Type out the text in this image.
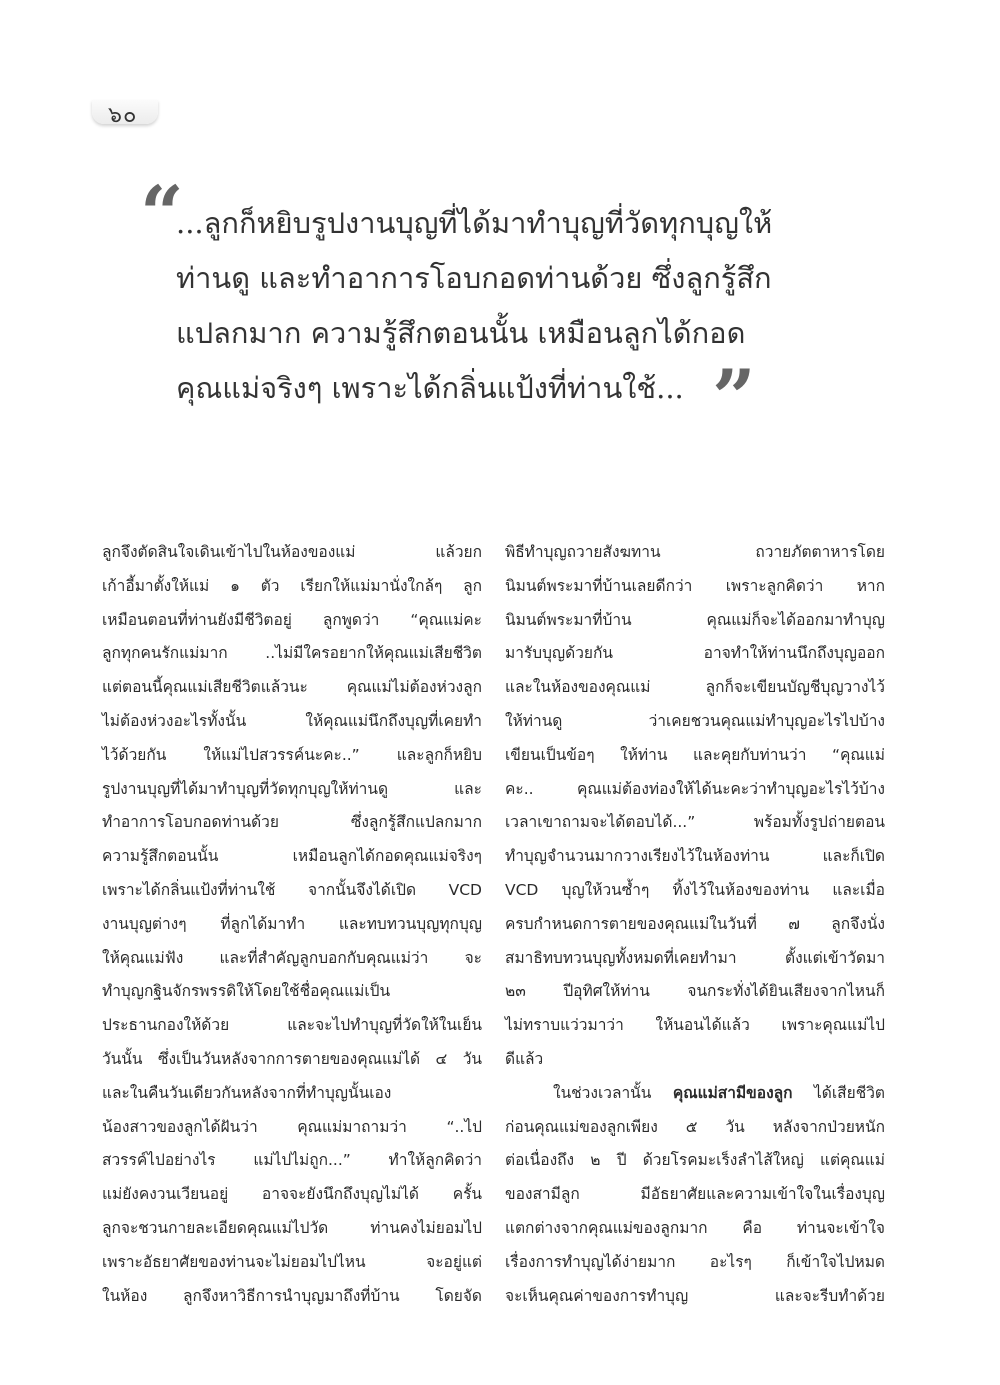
๖๐
“
...ลูกก็หยิบรูปงานบุญที่ได้มาทำบุญที่วัดทุกบุญให้
ท่านดู และทำอาการโอบกอดท่านด้วย ซึ่งลูกรู้สึก
แปลกมาก ความรู้สึกตอนนั้น เหมือนลูกได้กอด
คุณแม่จริงๆ เพราะได้กลิ่นแป้งที่ท่านใช้... ”
ลูกจึงตัดสินใจเดินเข้าไปในห้องของแม่ แล้วยก
เก้าอี้มาตั้งให้แม่ ๑ ตัว เรียกให้แม่มานั่งใกล้ๆ ลูก
เหมือนตอนที่ท่านยังมีชีวิตอยู่ ลูกพูดว่า “คุณแม่คะ
ลูกทุกคนรักแม่มาก ..ไม่มีใครอยากให้คุณแม่เสียชีวิต
แต่ตอนนี้คุณแม่เสียชีวิตแล้วนะ คุณแม่ไม่ต้องห่วงลูก
ไม่ต้องห่วงอะไรทั้งนั้น ให้คุณแม่นึกถึงบุญที่เคยทำ
ไว้ด้วยกัน ให้แม่ไปสวรรค์นะคะ..” และลูกก็หยิบ
รูปงานบุญที่ได้มาทำบุญที่วัดทุกบุญให้ท่านดู และ
ทำอาการโอบกอดท่านด้วย ซึ่งลูกรู้สึกแปลกมาก
ความรู้สึกตอนนั้น เหมือนลูกได้กอดคุณแม่จริงๆ
เพราะได้กลิ่นแป้งที่ท่านใช้ จากนั้นจึงได้เปิด VCD
งานบุญต่างๆ ที่ลูกได้มาทำ และทบทวนบุญทุกบุญ
ให้คุณแม่ฟัง และที่สำคัญลูกบอกกับคุณแม่ว่า จะ
ทำบุญกฐินจักรพรรดิให้โดยใช้ชื่อคุณแม่เป็น
ประธานกองให้ด้วย และจะไปทำบุญที่วัดให้ในเย็น
วันนั้น ซึ่งเป็นวันหลังจากการตายของคุณแม่ได้ ๔ วัน
และในคืนวันเดียวกันหลังจากที่ทำบุญนั้นเอง
น้องสาวของลูกได้ฝันว่า คุณแม่มาถามว่า “..ไป
สวรรค์ไปอย่างไร แม่ไปไม่ถูก...” ทำให้ลูกคิดว่า
แม่ยังคงวนเวียนอยู่ อาจจะยังนึกถึงบุญไม่ได้ ครั้น
ลูกจะชวนกายละเอียดคุณแม่ไปวัด ท่านคงไม่ยอมไป
เพราะอัธยาศัยของท่านจะไม่ยอมไปไหน จะอยู่แต่
ในห้อง ลูกจึงหาวิธีการนำบุญมาถึงที่บ้าน โดยจัด
พิธีทำบุญถวายสังฆทาน ถวายภัตตาหารโดย
นิมนต์พระมาที่บ้านเลยดีกว่า เพราะลูกคิดว่า หาก
นิมนต์พระมาที่บ้าน คุณแม่ก็จะได้ออกมาทำบุญ
มารับบุญด้วยกัน อาจทำให้ท่านนึกถึงบุญออก
และในห้องของคุณแม่ ลูกก็จะเขียนบัญชีบุญวางไว้
ให้ท่านดู ว่าเคยชวนคุณแม่ทำบุญอะไรไปบ้าง
เขียนเป็นข้อๆ ให้ท่าน และคุยกับท่านว่า “คุณแม่
คะ.. คุณแม่ต้องท่องให้ได้นะคะว่าทำบุญอะไรไว้บ้าง
เวลาเขาถามจะได้ตอบได้...” พร้อมทั้งรูปถ่ายตอน
ทำบุญจำนวนมากวางเรียงไว้ในห้องท่าน และก็เปิด
VCD บุญให้วนซ้ำๆ ทิ้งไว้ในห้องของท่าน และเมื่อ
ครบกำหนดการตายของคุณแม่ในวันที่ ๗ ลูกจึงนั่ง
สมาธิทบทวนบุญทั้งหมดที่เคยทำมา ตั้งแต่เข้าวัดมา
๒๓ ปีอุทิศให้ท่าน จนกระทั่งได้ยินเสียงจากไหนก็
ไม่ทราบแว่วมาว่า ให้นอนได้แล้ว เพราะคุณแม่ไป
ดีแล้ว
ในช่วงเวลานั้น คุณแม่สามีของลูก ได้เสียชีวิต
ก่อนคุณแม่ของลูกเพียง ๕ วัน หลังจากป่วยหนัก
ต่อเนื่องถึง ๒ ปี ด้วยโรคมะเร็งลำไส้ใหญ่ แต่คุณแม่
ของสามีลูก มีอัธยาศัยและความเข้าใจในเรื่องบุญ
แตกต่างจากคุณแม่ของลูกมาก คือ ท่านจะเข้าใจ
เรื่องการทำบุญได้ง่ายมาก อะไรๆ ก็เข้าใจไปหมด
จะเห็นคุณค่าของการทำบุญ และจะรีบทำด้วย
